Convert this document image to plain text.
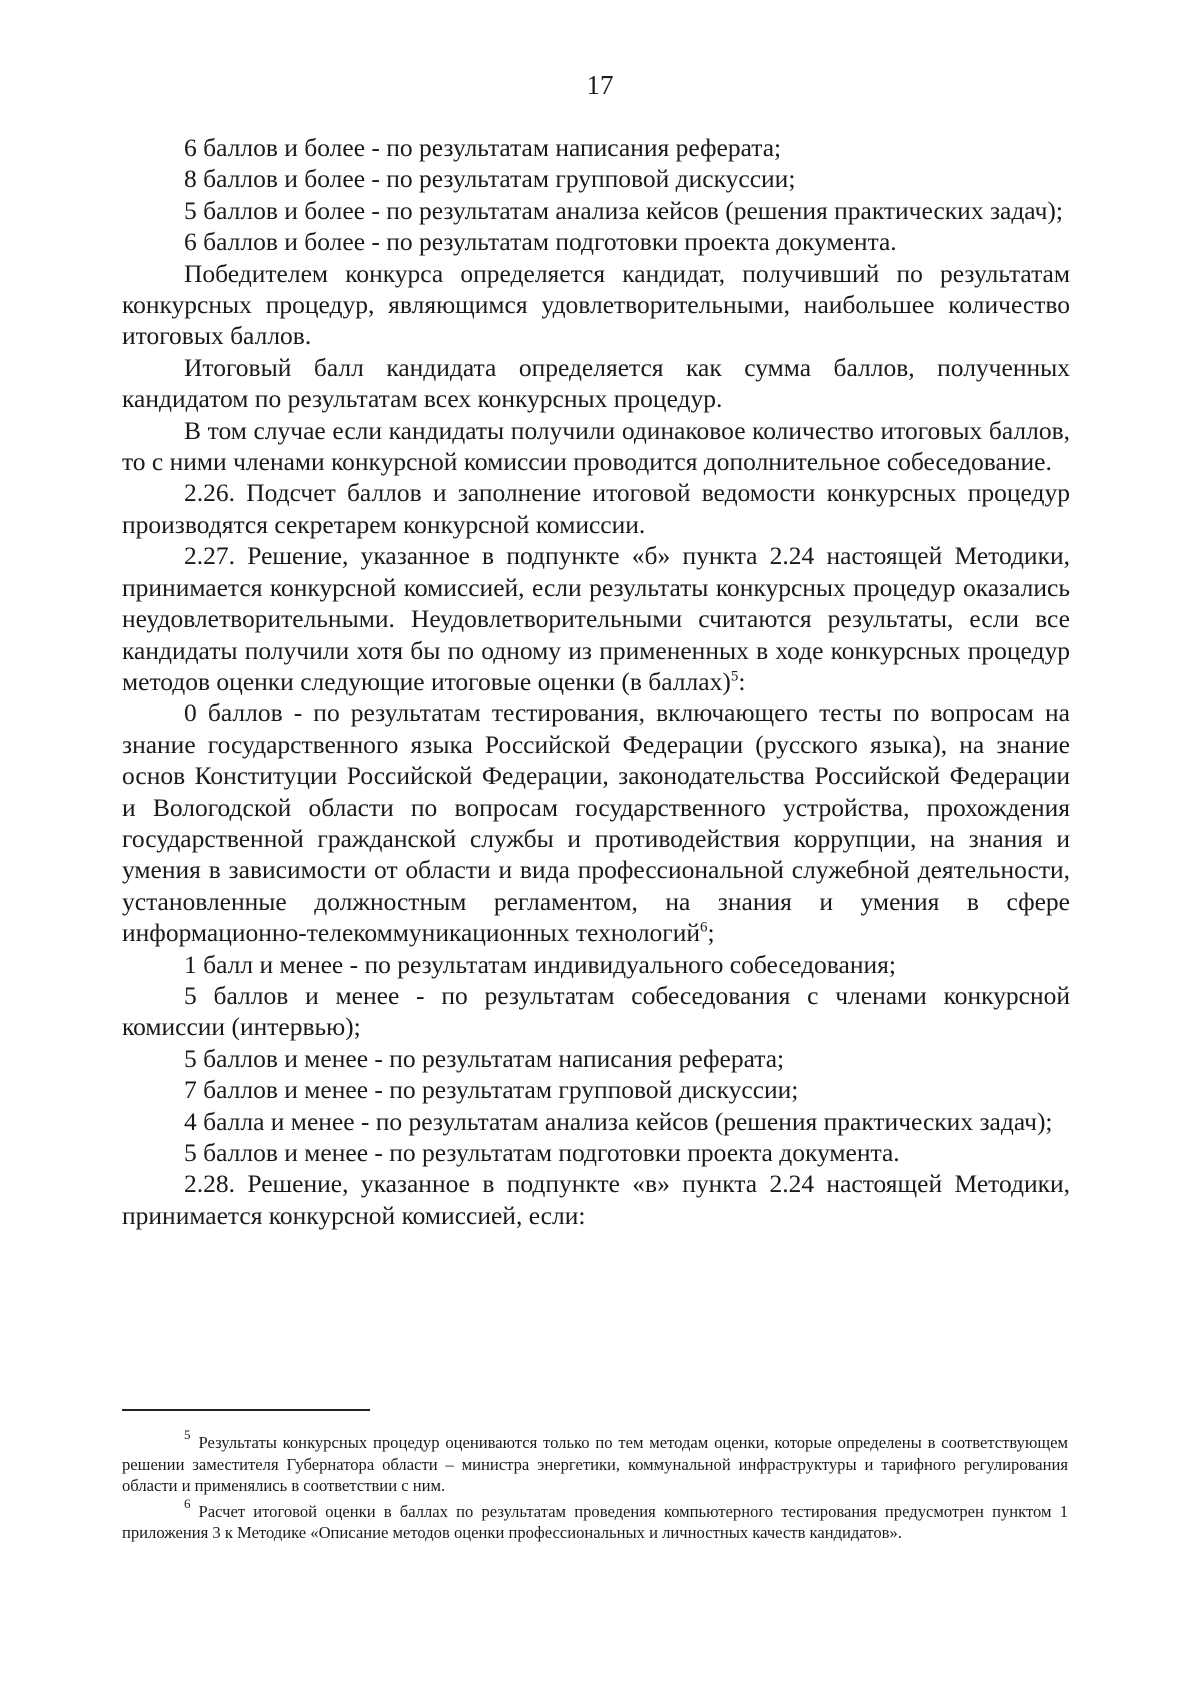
17

6 баллов и более - по результатам написания реферата;

8 баллов и более - по результатам групповой дискуссии;

5 баллов и более - по результатам анализа кейсов (решения практических задач);

6 баллов и более - по результатам подготовки проекта документа.

Победителем конкурса определяется кандидат, получивший по результатам конкурсных процедур, являющимся удовлетворительными, наибольшее количество итоговых баллов.

Итоговый балл кандидата определяется как сумма баллов, полученных кандидатом по результатам всех конкурсных процедур.

В том случае если кандидаты получили одинаковое количество итоговых баллов, то с ними членами конкурсной комиссии проводится дополнительное собеседование.

2.26. Подсчет баллов и заполнение итоговой ведомости конкурсных процедур производятся секретарем конкурсной комиссии.

2.27. Решение, указанное в подпункте «б» пункта 2.24 настоящей Методики, принимается конкурсной комиссией, если результаты конкурсных процедур оказались неудовлетворительными. Неудовлетворительными считаются результаты, если все кандидаты получили хотя бы по одному из примененных в ходе конкурсных процедур методов оценки следующие итоговые оценки (в баллах)$^5$:

0 баллов - по результатам тестирования, включающего тесты по вопросам на знание государственного языка Российской Федерации (русского языка), на знание основ Конституции Российской Федерации, законодательства Российской Федерации и Вологодской области по вопросам государственного устройства, прохождения государственной гражданской службы и противодействия коррупции, на знания и умения в зависимости от области и вида профессиональной служебной деятельности, установленные должностным регламентом, на знания и умения в сфере информационно-телекоммуникационных технологий$^6$;

1 балл и менее - по результатам индивидуального собеседования;

5 баллов и менее - по результатам собеседования с членами конкурсной комиссии (интервью);

5 баллов и менее - по результатам написания реферата;

7 баллов и менее - по результатам групповой дискуссии;

4 балла и менее - по результатам анализа кейсов (решения практических задач);

5 баллов и менее - по результатам подготовки проекта документа.

2.28. Решение, указанное в подпункте «в» пункта 2.24 настоящей Методики, принимается конкурсной комиссией, если:

$^5$ Результаты конкурсных процедур оцениваются только по тем методам оценки, которые определены в соответствующем решении заместителя Губернатора области – министра энергетики, коммунальной инфраструктуры и тарифного регулирования области и применялись в соответствии с ним.

$^6$ Расчет итоговой оценки в баллах по результатам проведения компьютерного тестирования предусмотрен пунктом 1 приложения 3 к Методике «Описание методов оценки профессиональных и личностных качеств кандидатов».
